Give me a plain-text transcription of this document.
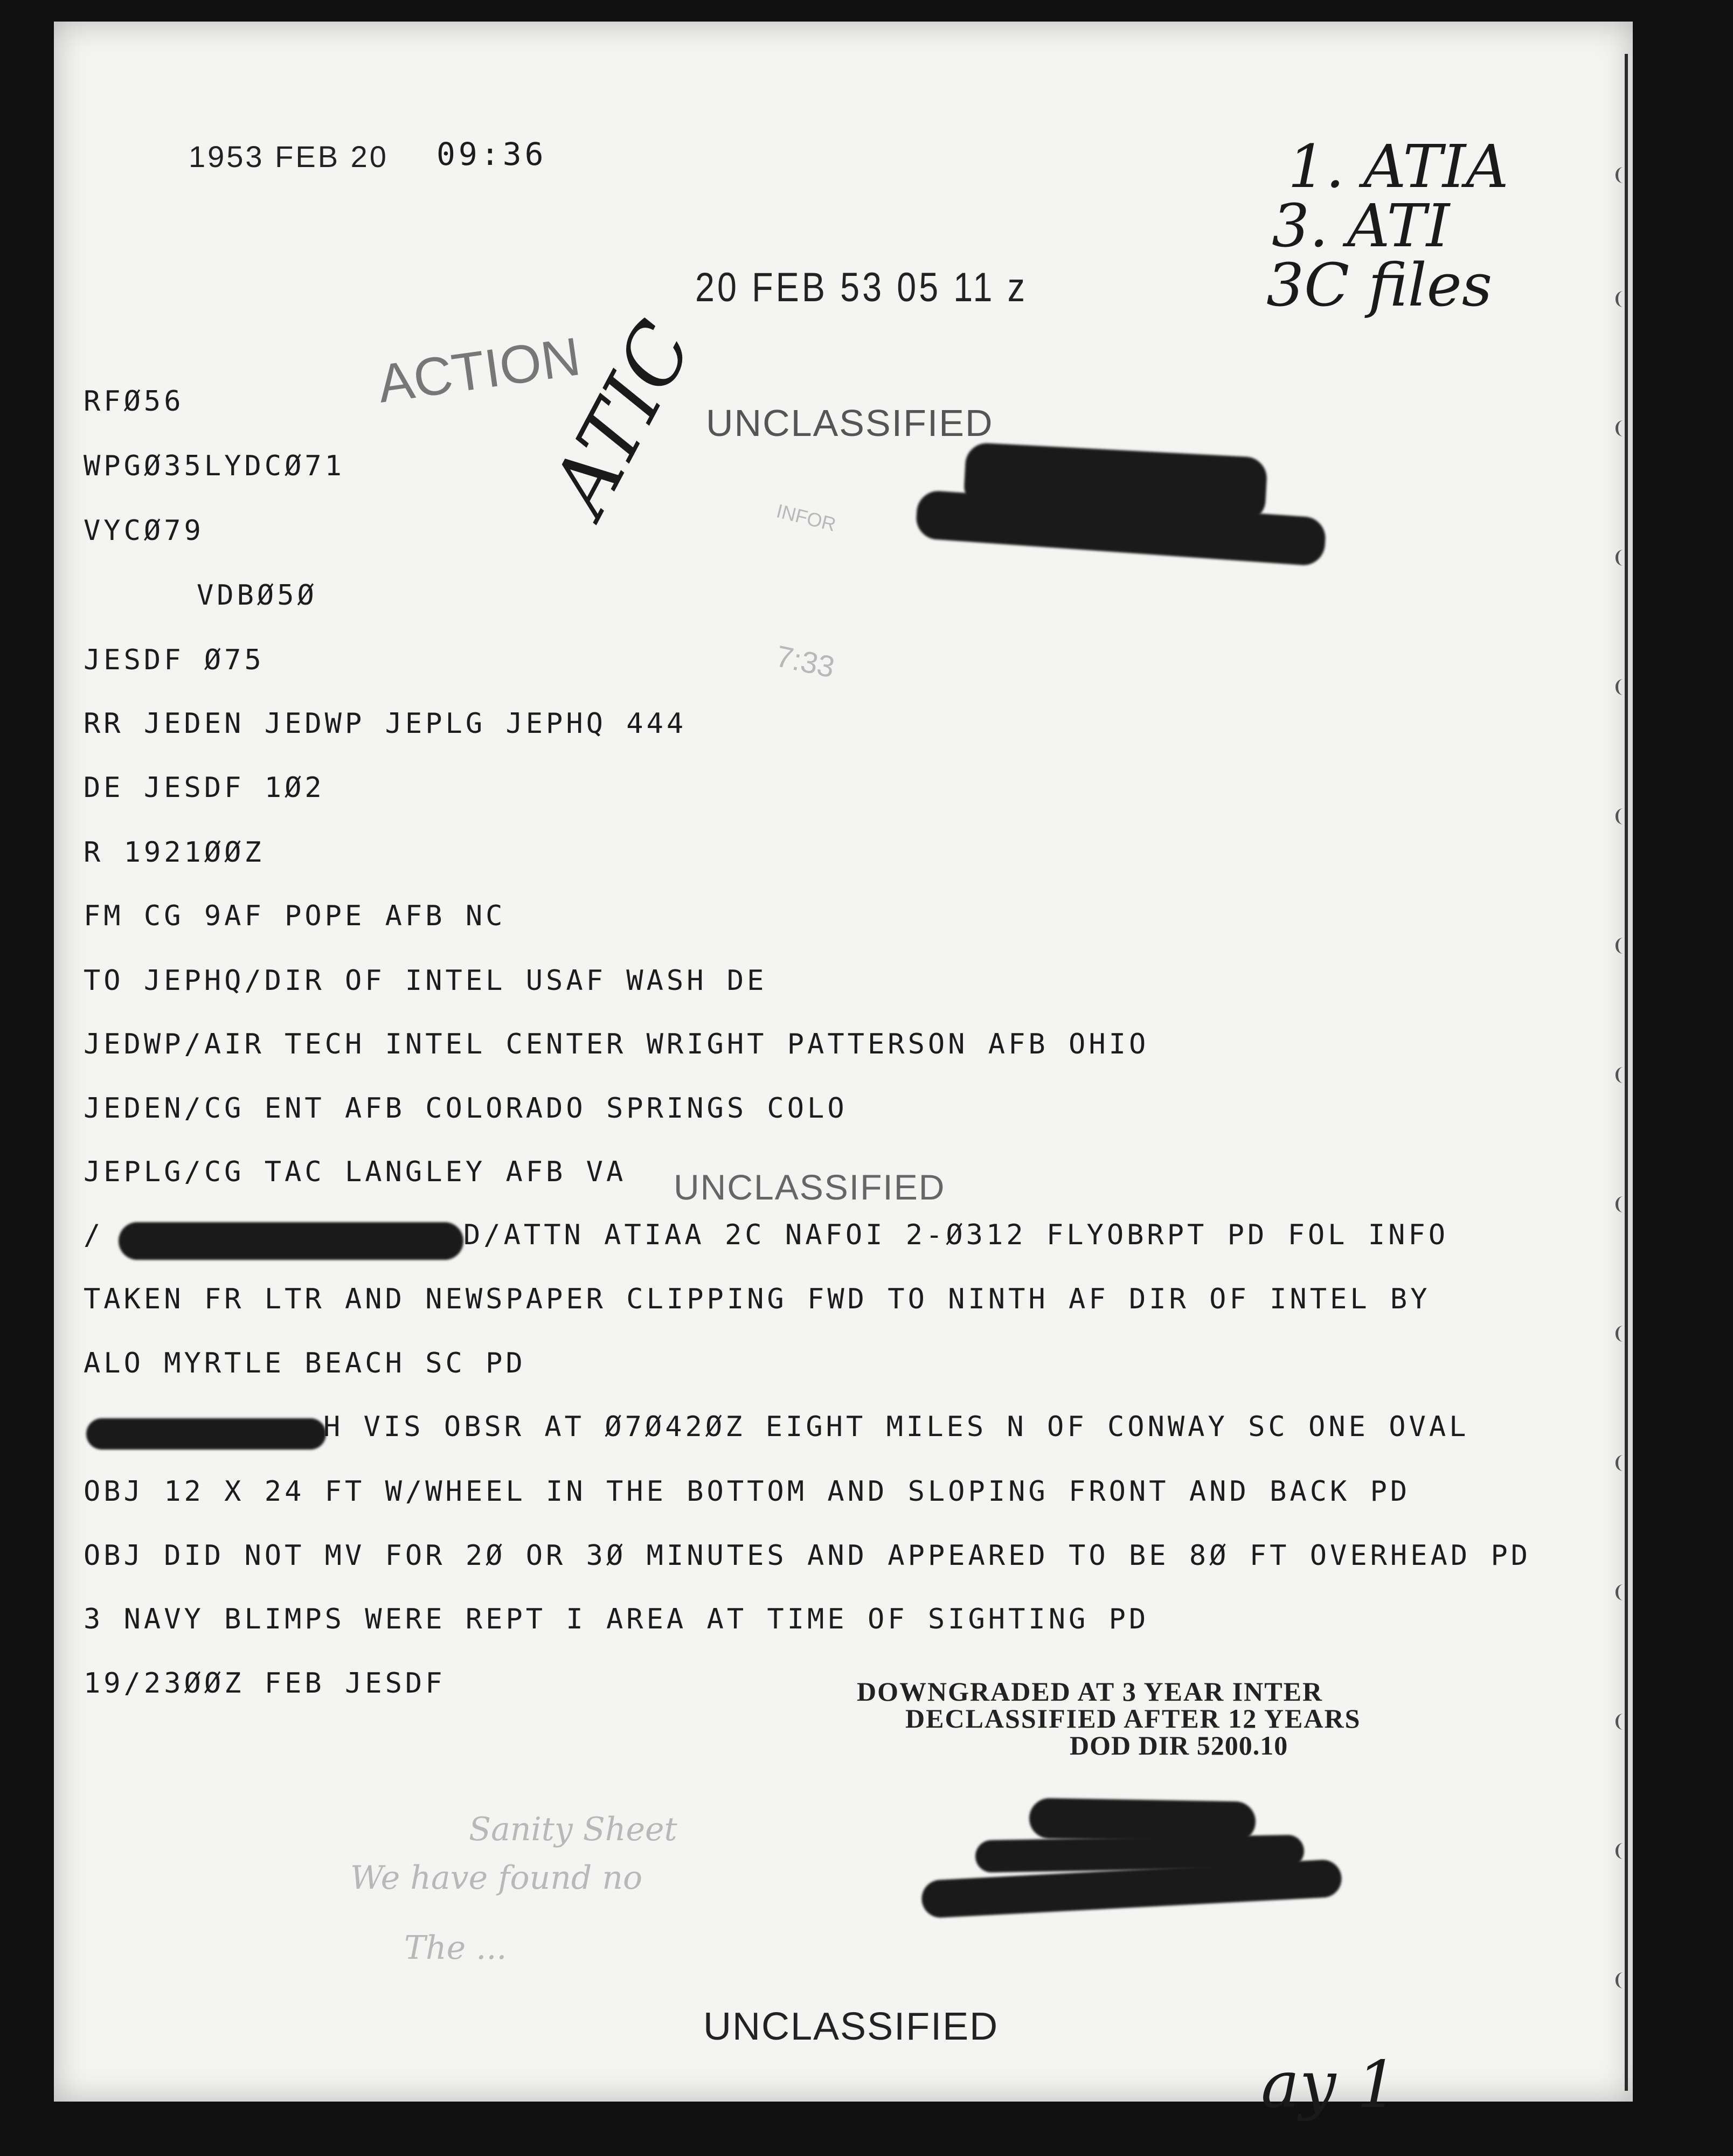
1953 FEB 20 09:36
20 FEB 53 05 11 z
1. ATIA
3. ATI
3C files
ACTION
UNCLASSIFIED
ATIC
7:33
INFOR
RFØ56
WPGØ35LYDCØ71
VYCØ79
VDBØ5Ø
JESDF Ø75
RR JEDEN JEDWP JEPLG JEPHQ 444
DE JESDF 1Ø2
R 1921ØØZ
FM CG 9AF POPE AFB NC
TO JEPHQ/DIR OF INTEL USAF WASH DE
JEDWP/AIR TECH INTEL CENTER WRIGHT PATTERSON AFB OHIO
JEDEN/CG ENT AFB COLORADO SPRINGS COLO
JEPLG/CG TAC LANGLEY AFB VA UNCLASSIFIED
/	D/ATTN ATIAA 2C NAFOI 2-Ø312 FLYOBRPT PD FOL INFO
TAKEN FR LTR AND NEWSPAPER CLIPPING FWD TO NINTH AF DIR OF INTEL BY
ALO MYRTLE BEACH SC PD
H VIS OBSR AT Ø7Ø42ØZ EIGHT MILES N OF CONWAY SC ONE OVAL
OBJ 12 X 24 FT W/WHEEL IN THE BOTTOM AND SLOPING FRONT AND BACK PD
OBJ DID NOT MV FOR 2Ø OR 3Ø MINUTES AND APPEARED TO BE 8Ø FT OVERHEAD PD
3 NAVY BLIMPS WERE REPT I AREA AT TIME OF SIGHTING PD
19/23ØØZ FEB JESDF	DOWNGRADED AT 3 YEAR INTER
DECLASSIFIED AFTER 12 YEARS
DOD DIR 5200.10
Sanity Sheet
We have found no
The ...
UNCLASSIFIED
ay 1
